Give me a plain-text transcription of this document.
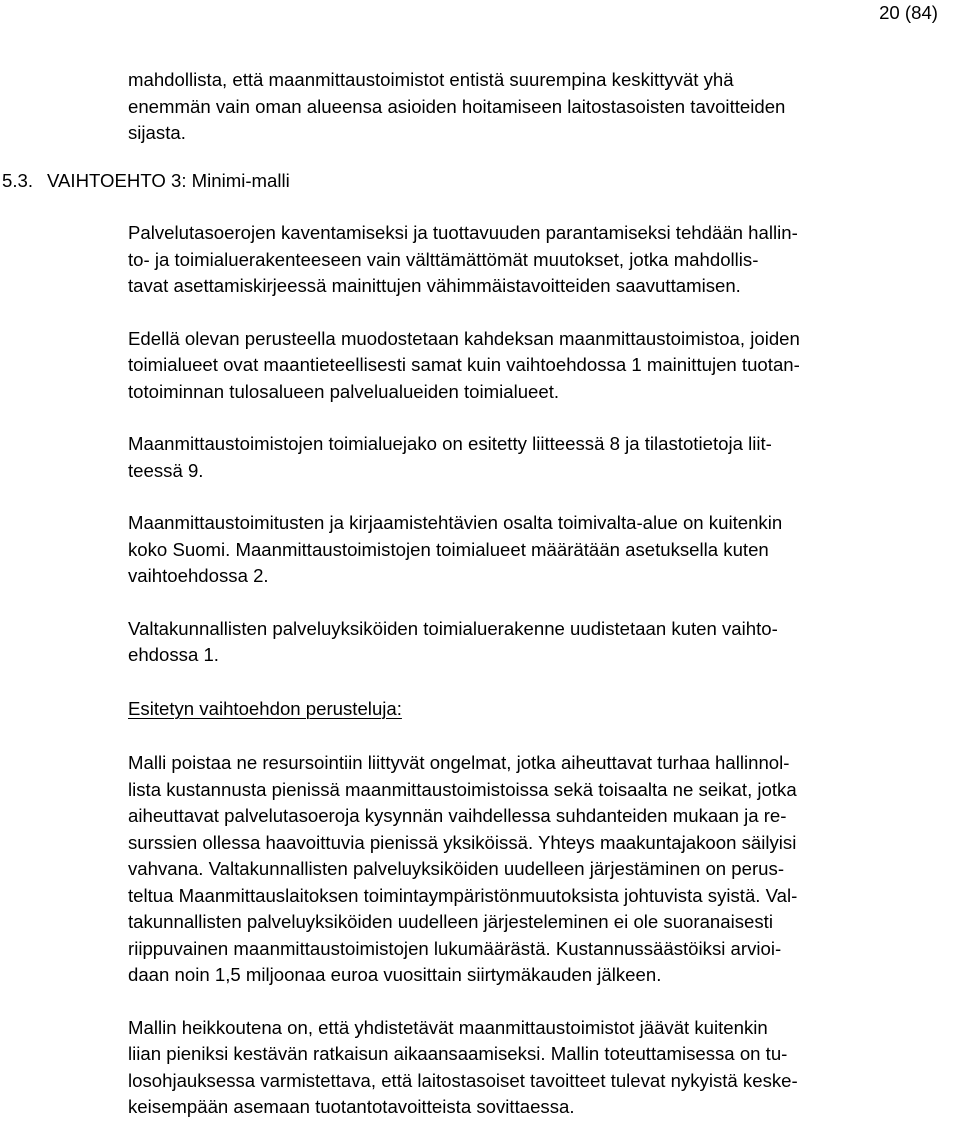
20 (84)

mahdollista, että maanmittaustoimistot entistä suurempina keskittyvät yhä
enemmän vain oman alueensa asioiden hoitamiseen laitostasoisten tavoitteiden
sijasta.

5.3. VAIHTOEHTO 3: Minimi-malli

Palvelutasoerojen kaventamiseksi ja tuottavuuden parantamiseksi tehdään hallin-
to- ja toimialuerakenteeseen vain välttämättömät muutokset, jotka mahdollis-
tavat asettamiskirjeessä mainittujen vähimmäistavoitteiden saavuttamisen.

Edellä olevan perusteella muodostetaan kahdeksan maanmittaustoimistoa, joiden
toimialueet ovat maantieteellisesti samat kuin vaihtoehdossa 1 mainittujen tuotan-
totoiminnan tulosalueen palvelualueiden toimialueet.

Maanmittaustoimistojen toimialuejako on esitetty liitteessä 8 ja tilastotietoja liit-
teessä 9.

Maanmittaustoimitusten ja kirjaamistehtävien osalta toimivalta-alue on kuitenkin
koko Suomi. Maanmittaustoimistojen toimialueet määrätään asetuksella kuten
vaihtoehdossa 2.

Valtakunnallisten palveluyksiköiden toimialuerakenne uudistetaan kuten vaihto-
ehdossa 1.

Esitetyn vaihtoehdon perusteluja:

Malli poistaa ne resursointiin liittyvät ongelmat, jotka aiheuttavat turhaa hallinnol-
lista kustannusta pienissä maanmittaustoimistoissa sekä toisaalta ne seikat, jotka
aiheuttavat palvelutasoeroja kysynnän vaihdellessa suhdanteiden mukaan ja re-
surssien ollessa haavoittuvia pienissä yksiköissä. Yhteys maakuntajakoon säilyisi
vahvana. Valtakunnallisten palveluyksiköiden uudelleen järjestäminen on perus-
teltua Maanmittauslaitoksen toimintaympäristönmuutoksista johtuvista syistä. Val-
takunnallisten palveluyksiköiden uudelleen järjesteleminen ei ole suoranaisesti
riippuvainen maanmittaustoimistojen lukumäärästä. Kustannussäästöiksi arvioi-
daan noin 1,5 miljoonaa euroa vuosittain siirtymäkauden jälkeen.

Mallin heikkoutena on, että yhdistetävät maanmittaustoimistot jäävät kuitenkin
liian pieniksi kestävän ratkaisun aikaansaamiseksi. Mallin toteuttamisessa on tu-
losohjauksessa varmistettava, että laitostasoiset tavoitteet tulevat nykyistä keske-
keisempään asemaan tuotantotavoitteista sovittaessa.
